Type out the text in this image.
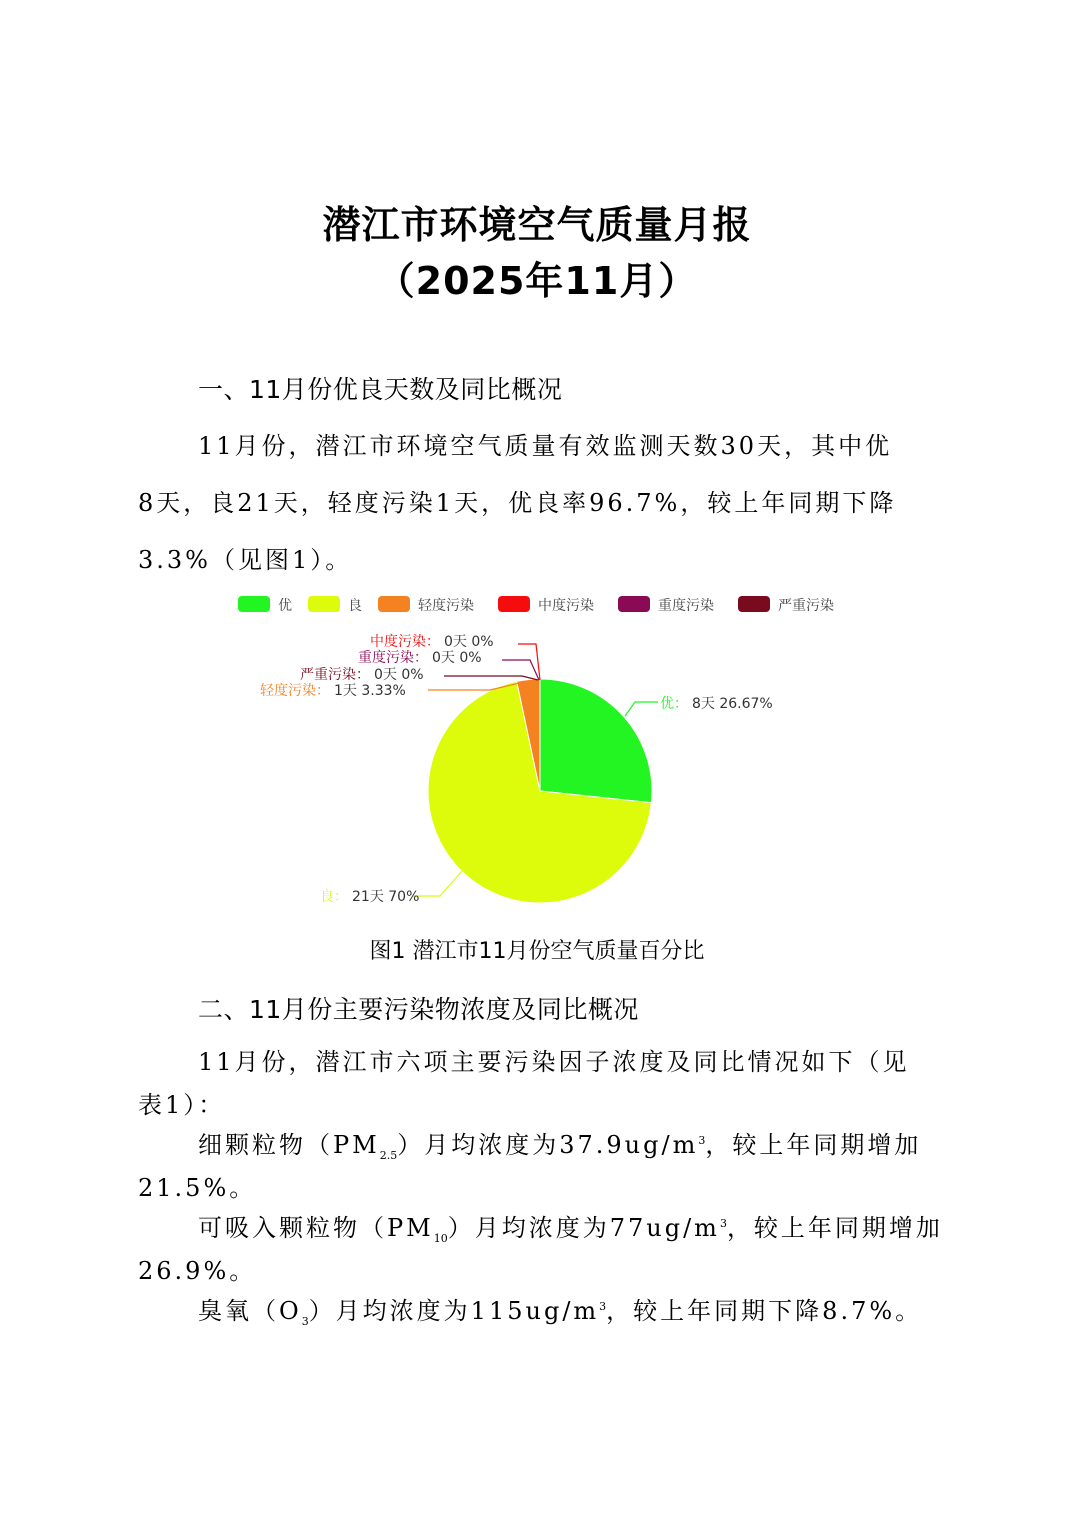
潜江市环境空气质量月报
（2025年11月）
一、11月份优良天数及同比概况
11月份，潜江市环境空气质量有效监测天数30天，其中优
8天，良21天，轻度污染1天，优良率96.7%，较上年同期下降
3.3%（见图1）。
优	良	轻度污染	中度污染	重度污染	严重污染
优： 8天 26.67%
良： 21天 70%
轻度污染： 1天 3.33%
中度污染： 0天 0%
重度污染： 0天 0%
严重污染： 0天 0%
图1 潜江市11月份空气质量百分比
二、11月份主要污染物浓度及同比概况
11月份，潜江市六项主要污染因子浓度及同比情况如下（见
表1）：
细颗粒物$(PM_{2.5})$月均浓度为$37.9ug/m^3$，较上年同期增加
21.5%。
可吸入颗粒物$(PM_{10})$月均浓度为$77ug/m^3$，较上年同期增加
26.9%。
臭氧$(O_3)$月均浓度为$115ug/m^3$，较上年同期下降8.7%。
